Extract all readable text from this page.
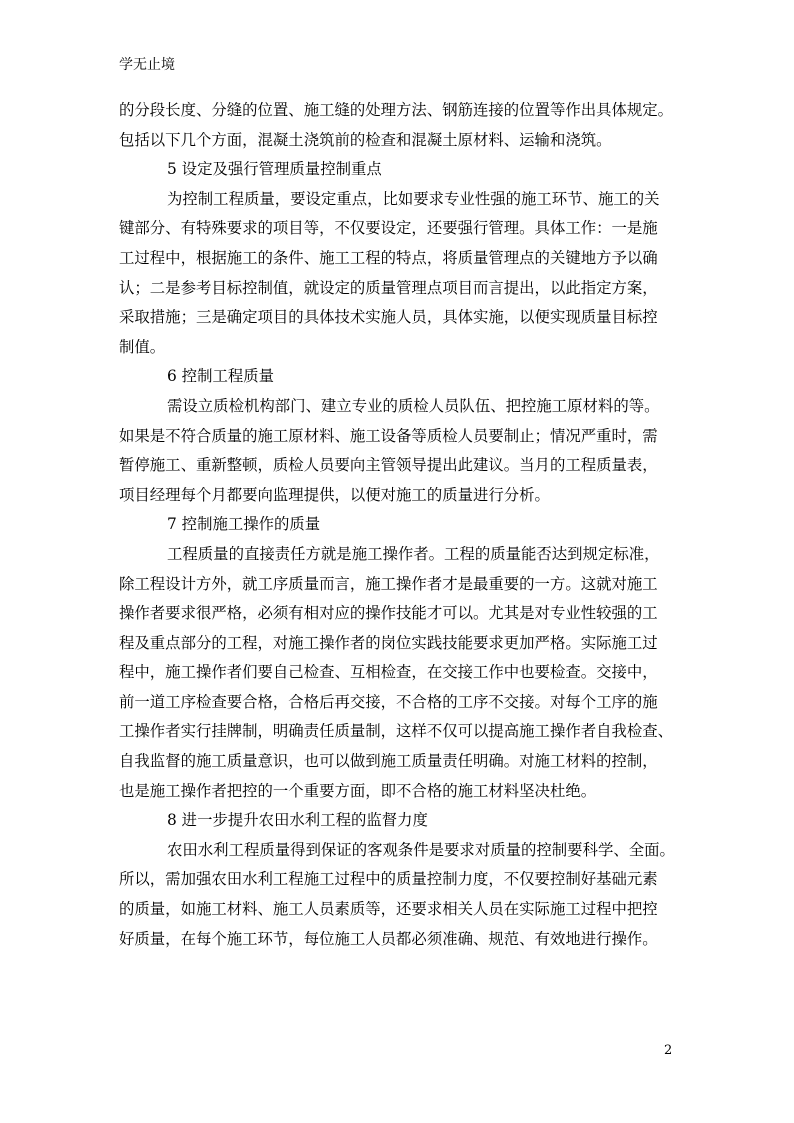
学无止境
的分段长度、分缝的位置、施工缝的处理方法、钢筋连接的位置等作出具体规定。
包括以下几个方面，混凝土浇筑前的检查和混凝土原材料、运输和浇筑。
5 设定及强行管理质量控制重点
为控制工程质量，要设定重点，比如要求专业性强的施工环节、施工的关
键部分、有特殊要求的项目等，不仅要设定，还要强行管理。具体工作：一是施
工过程中，根据施工的条件、施工工程的特点，将质量管理点的关键地方予以确
认；二是参考目标控制值，就设定的质量管理点项目而言提出，以此指定方案，
采取措施；三是确定项目的具体技术实施人员，具体实施，以便实现质量目标控
制值。
6 控制工程质量
需设立质检机构部门、建立专业的质检人员队伍、把控施工原材料的等。
如果是不符合质量的施工原材料、施工设备等质检人员要制止；情况严重时，需
暂停施工、重新整顿，质检人员要向主管领导提出此建议。当月的工程质量表，
项目经理每个月都要向监理提供，以便对施工的质量进行分析。
7 控制施工操作的质量
工程质量的直接责任方就是施工操作者。工程的质量能否达到规定标准，
除工程设计方外，就工序质量而言，施工操作者才是最重要的一方。这就对施工
操作者要求很严格，必须有相对应的操作技能才可以。尤其是对专业性较强的工
程及重点部分的工程，对施工操作者的岗位实践技能要求更加严格。实际施工过
程中，施工操作者们要自己检查、互相检查，在交接工作中也要检查。交接中，
前一道工序检查要合格，合格后再交接，不合格的工序不交接。对每个工序的施
工操作者实行挂牌制，明确责任质量制，这样不仅可以提高施工操作者自我检查、
自我监督的施工质量意识，也可以做到施工质量责任明确。对施工材料的控制，
也是施工操作者把控的一个重要方面，即不合格的施工材料坚决杜绝。
8 进一步提升农田水利工程的监督力度
农田水利工程质量得到保证的客观条件是要求对质量的控制要科学、全面。
所以，需加强农田水利工程施工过程中的质量控制力度，不仅要控制好基础元素
的质量，如施工材料、施工人员素质等，还要求相关人员在实际施工过程中把控
好质量，在每个施工环节，每位施工人员都必须准确、规范、有效地进行操作。
2
